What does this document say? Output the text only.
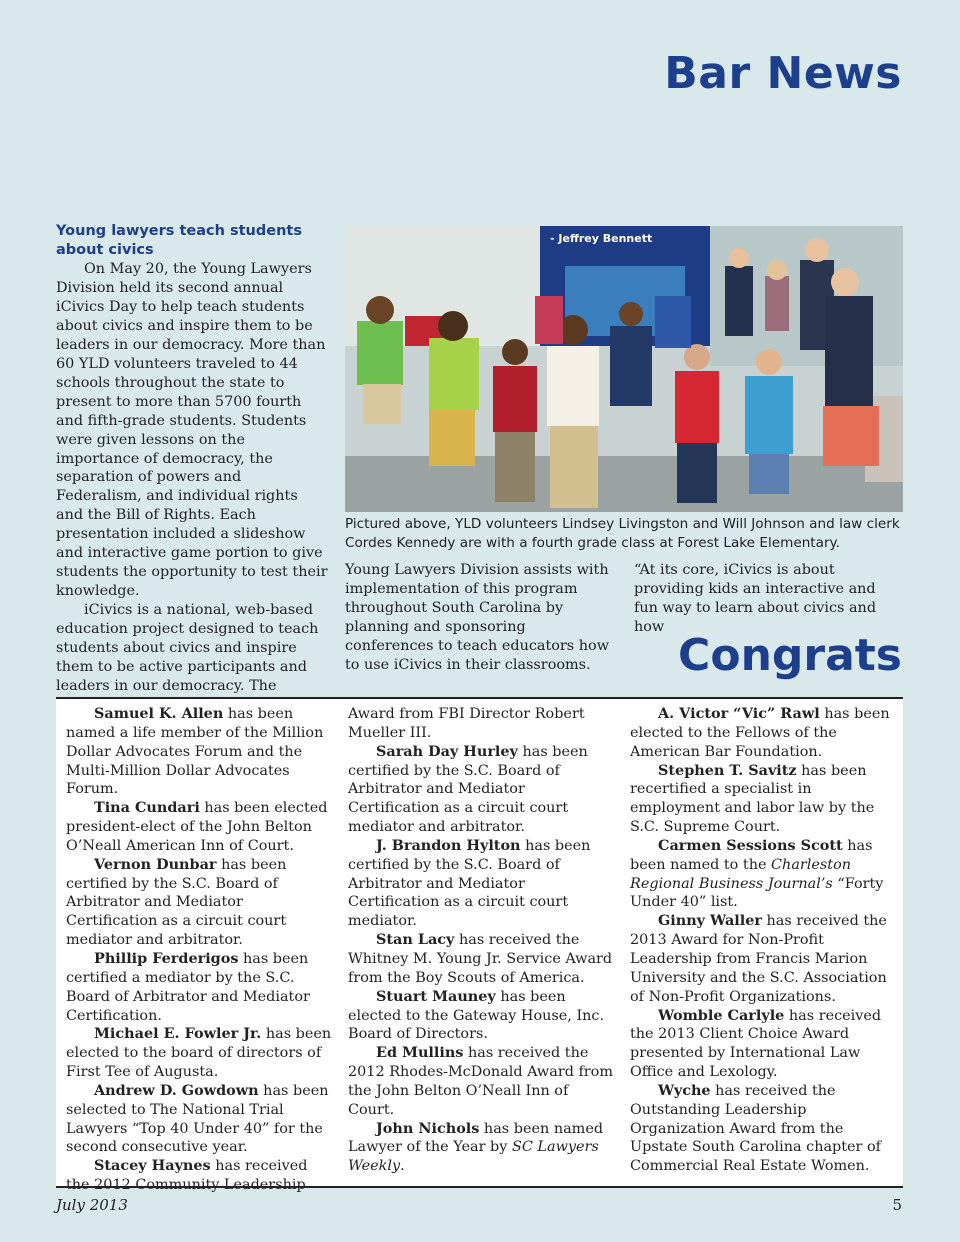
Bar News
Young lawyers teach students about civics

On May 20, the Young Lawyers Division held its second annual iCivics Day to help teach students about civics and inspire them to be leaders in our democracy. More than 60 YLD volunteers traveled to 44 schools throughout the state to present to more than 5700 fourth and fifth-grade students. Students were given lessons on the importance of democracy, the separation of powers and Federalism, and individual rights and the Bill of Rights. Each presentation included a slideshow and interactive game portion to give students the opportunity to test their knowledge.

iCivics is a national, web-based education project designed to teach students about civics and inspire them to be active participants and leaders in our democracy. The

- Jeffrey Bennett
Pictured above, YLD volunteers Lindsey Livingston and Will Johnson and law clerk Cordes Kennedy are with a fourth grade class at Forest Lake Elementary.
Young Lawyers Division assists with implementation of this program throughout South Carolina by planning and sponsoring conferences to teach educators how to use iCivics in their classrooms.
“At its core, iCivics is about providing kids an interactive and fun way to learn about civics and how
Congrats

Samuel K. Allen has been named a life member of the Million Dollar Advocates Forum and the Multi-Million Dollar Advocates Forum.

Tina Cundari has been elected president-elect of the John Belton O’Neall American Inn of Court.

Vernon Dunbar has been certified by the S.C. Board of Arbitrator and Mediator Certification as a circuit court mediator and arbitrator.

Phillip Ferderigos has been certified a mediator by the S.C. Board of Arbitrator and Mediator Certification.

Michael E. Fowler Jr. has been elected to the board of directors of First Tee of Augusta.

Andrew D. Gowdown has been selected to The National Trial Lawyers “Top 40 Under 40” for the second consecutive year.

Stacey Haynes has received the 2012 Community Leadership

Award from FBI Director Robert Mueller III.

Sarah Day Hurley has been certified by the S.C. Board of Arbitrator and Mediator Certification as a circuit court mediator and arbitrator.

J. Brandon Hylton has been certified by the S.C. Board of Arbitrator and Mediator Certification as a circuit court mediator.

Stan Lacy has received the Whitney M. Young Jr. Service Award from the Boy Scouts of America.

Stuart Mauney has been elected to the Gateway House, Inc. Board of Directors.

Ed Mullins has received the 2012 Rhodes-McDonald Award from the John Belton O’Neall Inn of Court.

John Nichols has been named Lawyer of the Year by SC Lawyers Weekly.

A. Victor “Vic” Rawl has been elected to the Fellows of the American Bar Foundation.

Stephen T. Savitz has been recertified a specialist in employment and labor law by the S.C. Supreme Court.

Carmen Sessions Scott has been named to the Charleston Regional Business Journal’s “Forty Under 40” list.

Ginny Waller has received the 2013 Award for Non-Profit Leadership from Francis Marion University and the S.C. Association of Non-Profit Organizations.

Womble Carlyle has received the 2013 Client Choice Award presented by International Law Office and Lexology.

Wyche has received the Outstanding Leadership Organization Award from the Upstate South Carolina chapter of Commercial Real Estate Women.

July 2013	5
